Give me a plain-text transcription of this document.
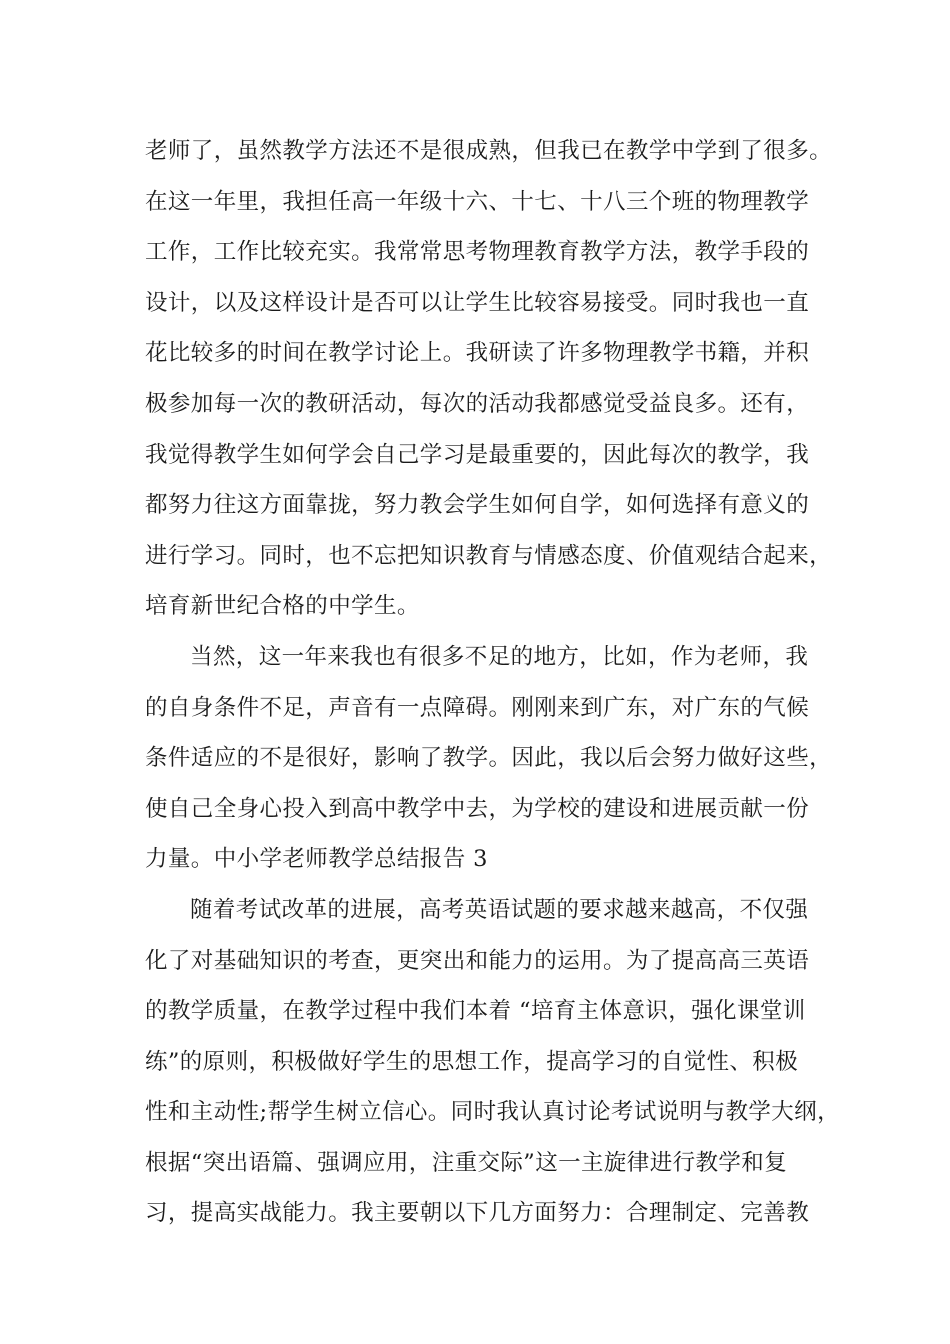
老师了，虽然教学方法还不是很成熟，但我已在教学中学到了很多。
在这一年里，我担任高一年级十六、十七、十八三个班的物理教学
工作，工作比较充实。我常常思考物理教育教学方法，教学手段的
设计，以及这样设计是否可以让学生比较容易接受。同时我也一直
花比较多的时间在教学讨论上。我研读了许多物理教学书籍，并积
极参加每一次的教研活动，每次的活动我都感觉受益良多。还有，
我觉得教学生如何学会自己学习是最重要的，因此每次的教学，我
都努力往这方面靠拢，努力教会学生如何自学，如何选择有意义的
进行学习。同时，也不忘把知识教育与情感态度、价值观结合起来，
培育新世纪合格的中学生。
当然，这一年来我也有很多不足的地方，比如，作为老师，我
的自身条件不足，声音有一点障碍。刚刚来到广东，对广东的气候
条件适应的不是很好，影响了教学。因此，我以后会努力做好这些，
使自己全身心投入到高中教学中去，为学校的建设和进展贡献一份
力量。中小学老师教学总结报告 3
随着考试改革的进展，高考英语试题的要求越来越高，不仅强
化了对基础知识的考查，更突出和能力的运用。为了提高高三英语
的教学质量，在教学过程中我们本着 “培育主体意识，强化课堂训
练”的原则，积极做好学生的思想工作，提高学习的自觉性、积极
性和主动性;帮学生树立信心。同时我认真讨论考试说明与教学大纲，
根据“突出语篇、强调应用，注重交际”这一主旋律进行教学和复
习，提高实战能力。我主要朝以下几方面努力：合理制定、完善教
